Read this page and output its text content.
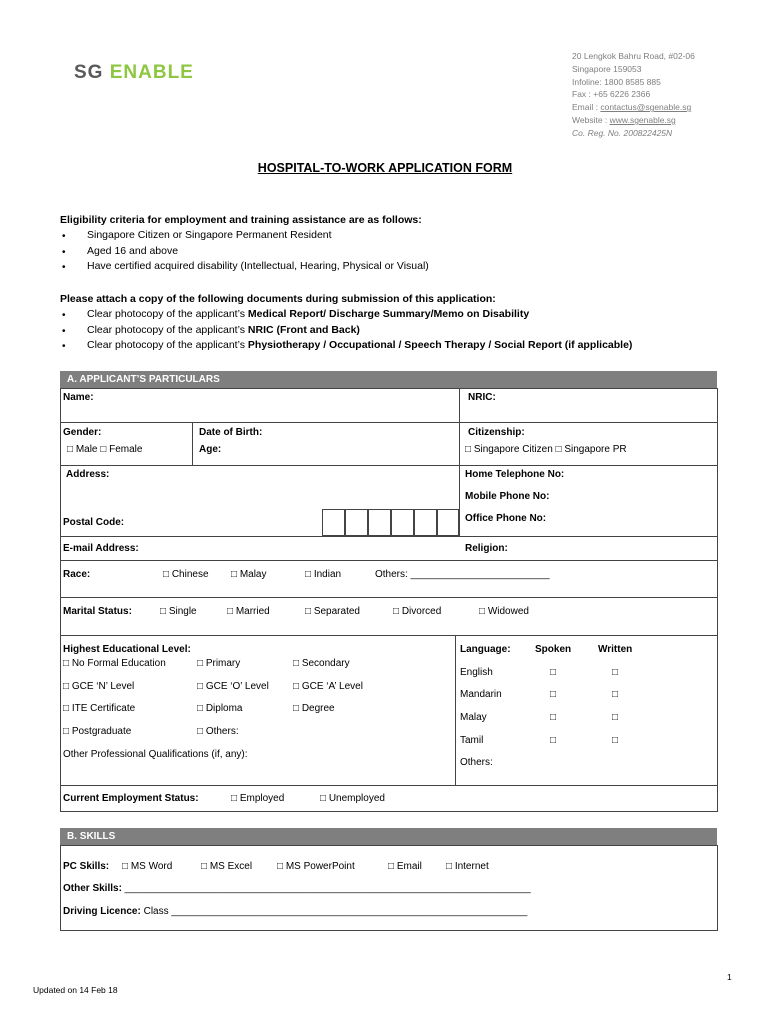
SG ENABLE
20 Lengkok Bahru Road, #02-06
Singapore 159053
Infoline: 1800 8585 885
Fax : +65 6226 2366
Email : contactus@sgenable.sg
Website : www.sgenable.sg
Co. Reg. No. 200822425N
HOSPITAL-TO-WORK APPLICATION FORM
Eligibility criteria for employment and training assistance are as follows:
• Singapore Citizen or Singapore Permanent Resident
• Aged 16 and above
• Have certified acquired disability (Intellectual, Hearing, Physical or Visual)
Please attach a copy of the following documents during submission of this application:
• Clear photocopy of the applicant’s Medical Report/ Discharge Summary/Memo on Disability
• Clear photocopy of the applicant’s NRIC (Front and Back)
• Clear photocopy of the applicant’s Physiotherapy / Occupational / Speech Therapy / Social Report (if applicable)
A. APPLICANT’S PARTICULARS
Name:	NRIC:
Gender:
□ Male □ Female
Date of Birth:
Age:
Citizenship:
□ Singapore Citizen □ Singapore PR
Address:	Home Telephone No:
Mobile Phone No:
Office Phone No:
Postal Code:
E-mail Address:	Religion:
Race:	□ Chinese □ Malay	□ Indian	Others: _________________________
Marital Status:	□ Single	□ Married	□ Separated	□ Divorced	□ Widowed
Highest Educational Level:
□ No Formal Education	□ Primary	□ Secondary
□ GCE ‘N’ Level	□ GCE ‘O’ Level □ GCE ‘A’ Level
□ ITE Certificate	□ Diploma	□ Degree
□ Postgraduate	□ Others:
Other Professional Qualifications (if, any):
Language: Spoken	Written
English	□	□
Mandarin	□	□
Malay	□	□
Tamil	□	□
Others:
Current Employment Status:	□ Employed	□ Unemployed
B. SKILLS
PC Skills: □ MS Word	□ MS Excel □ MS PowerPoint	□ Email □ Internet
Other Skills: _________________________________________________________________________
Driving Licence: Class ________________________________________________________________
1
Updated on 14 Feb 18
